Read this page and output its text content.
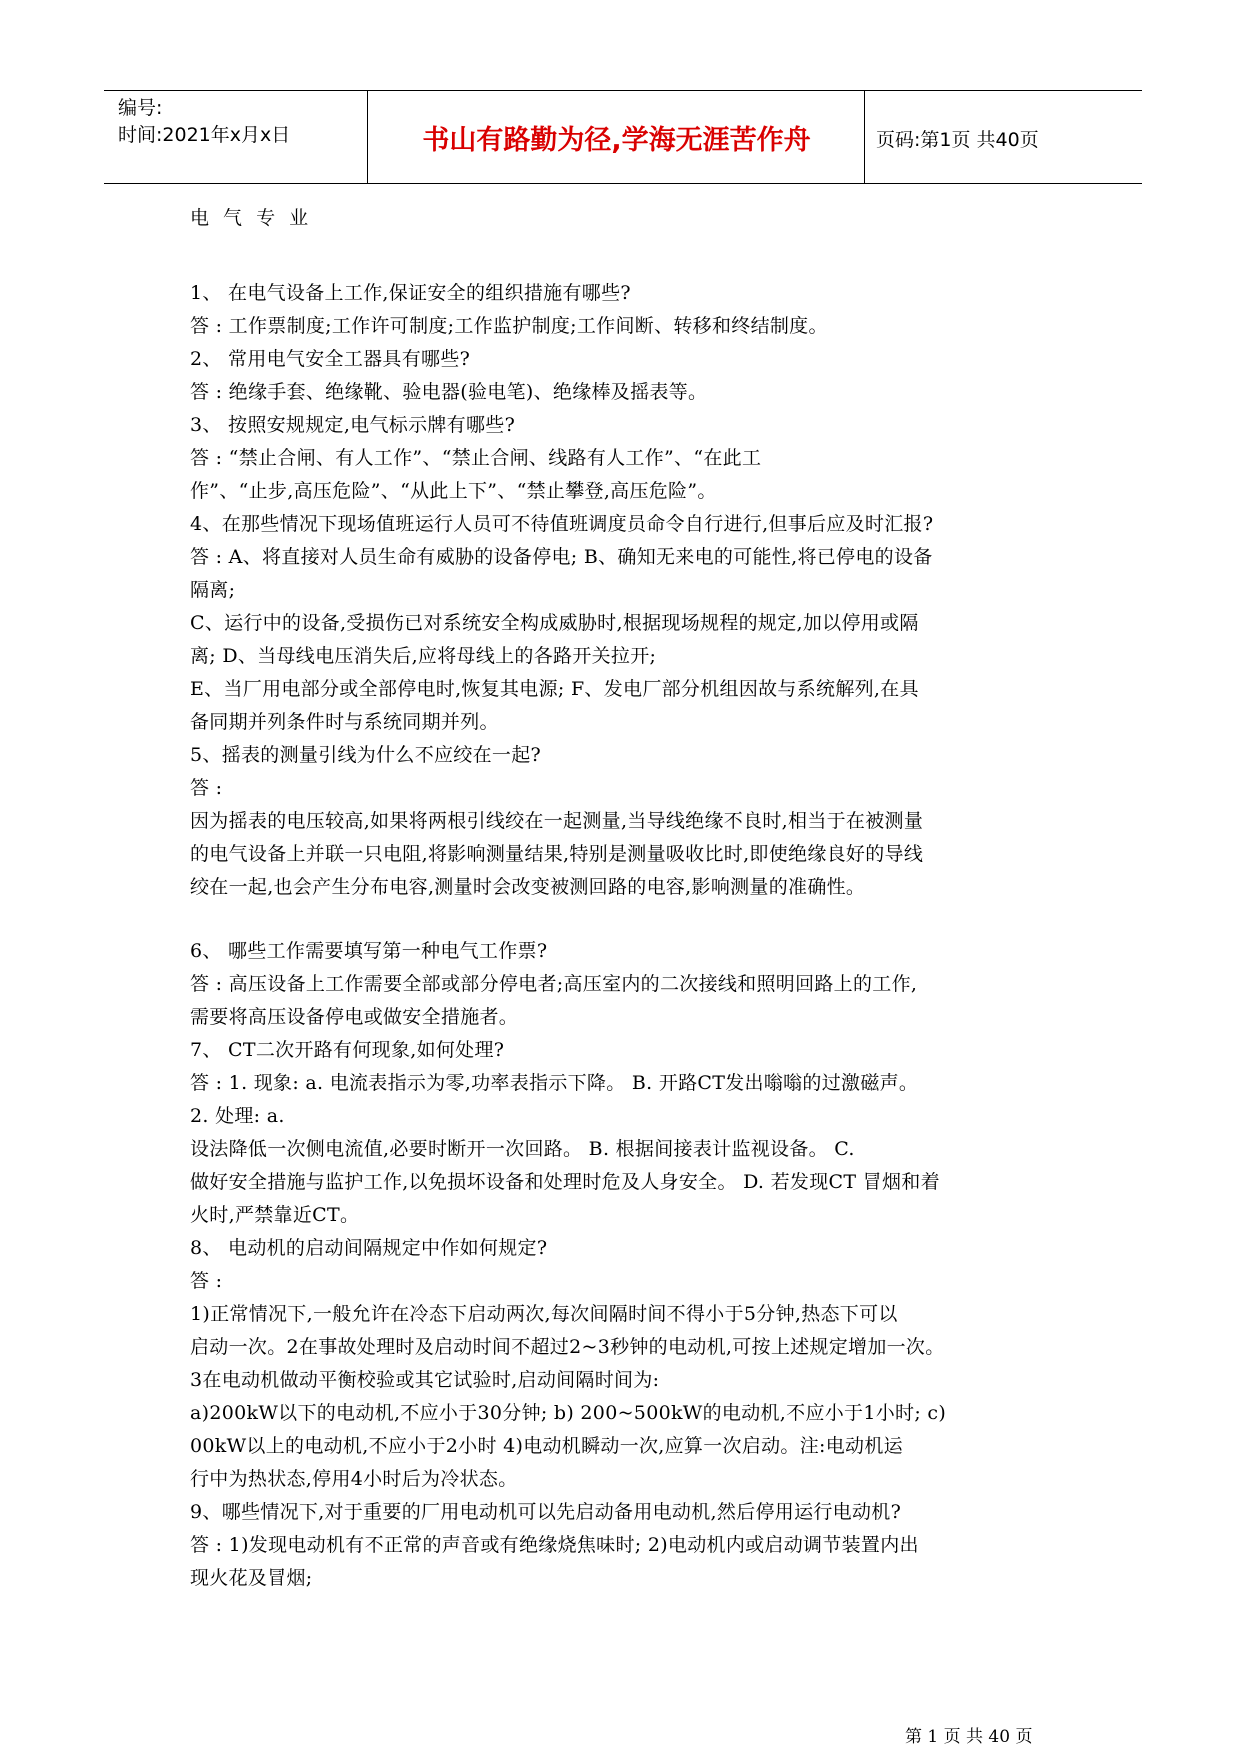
编号:
时间:2021年x月x日	书山有路勤为径,学海无涯苦作舟	页码:第1页 共40页
电 气 专 业
1、 在电气设备上工作,保证安全的组织措施有哪些?
答 : 工作票制度;工作许可制度;工作监护制度;工作间断、转移和终结制度。
2、 常用电气安全工器具有哪些?
答 : 绝缘手套、绝缘靴、验电器(验电笔)、绝缘棒及摇表等。
3、 按照安规规定,电气标示牌有哪些?
答 : “禁止合闸、有人工作”、“禁止合闸、线路有人工作”、“在此工
作”、“止步,高压危险”、“从此上下”、“禁止攀登,高压危险”。
4、在那些情况下现场值班运行人员可不待值班调度员命令自行进行,但事后应及时汇报?
答 : A、将直接对人员生命有威胁的设备停电; B、确知无来电的可能性,将已停电的设备
隔离;
C、运行中的设备,受损伤已对系统安全构成威胁时,根据现场规程的规定,加以停用或隔
离; D、当母线电压消失后,应将母线上的各路开关拉开;
E、当厂用电部分或全部停电时,恢复其电源; F、发电厂部分机组因故与系统解列,在具
备同期并列条件时与系统同期并列。
5、摇表的测量引线为什么不应绞在一起?
答 :
因为摇表的电压较高,如果将两根引线绞在一起测量,当导线绝缘不良时,相当于在被测量
的电气设备上并联一只电阻,将影响测量结果,特别是测量吸收比时,即使绝缘良好的导线
绞在一起,也会产生分布电容,测量时会改变被测回路的电容,影响测量的准确性。
6、 哪些工作需要填写第一种电气工作票?
答 : 高压设备上工作需要全部或部分停电者;高压室内的二次接线和照明回路上的工作,
需要将高压设备停电或做安全措施者。
7、 CT二次开路有何现象,如何处理?
答 : 1. 现象: a. 电流表指示为零,功率表指示下降。 B. 开路CT发出嗡嗡的过激磁声。
2. 处理: a.
设法降低一次侧电流值,必要时断开一次回路。 B. 根据间接表计监视设备。 C.
做好安全措施与监护工作,以免损坏设备和处理时危及人身安全。 D. 若发现CT 冒烟和着
火时,严禁靠近CT。
8、 电动机的启动间隔规定中作如何规定?
答 :
1)正常情况下,一般允许在冷态下启动两次,每次间隔时间不得小于5分钟,热态下可以
启动一次。2在事故处理时及启动时间不超过2~3秒钟的电动机,可按上述规定增加一次。
3在电动机做动平衡校验或其它试验时,启动间隔时间为:
a)200kW以下的电动机,不应小于30分钟; b) 200~500kW的电动机,不应小于1小时; c)
00kW以上的电动机,不应小于2小时 4)电动机瞬动一次,应算一次启动。注:电动机运
行中为热状态,停用4小时后为冷状态。
9、哪些情况下,对于重要的厂用电动机可以先启动备用电动机,然后停用运行电动机?
答 : 1)发现电动机有不正常的声音或有绝缘烧焦味时; 2)电动机内或启动调节装置内出
现火花及冒烟;
第 1 页 共 40 页
